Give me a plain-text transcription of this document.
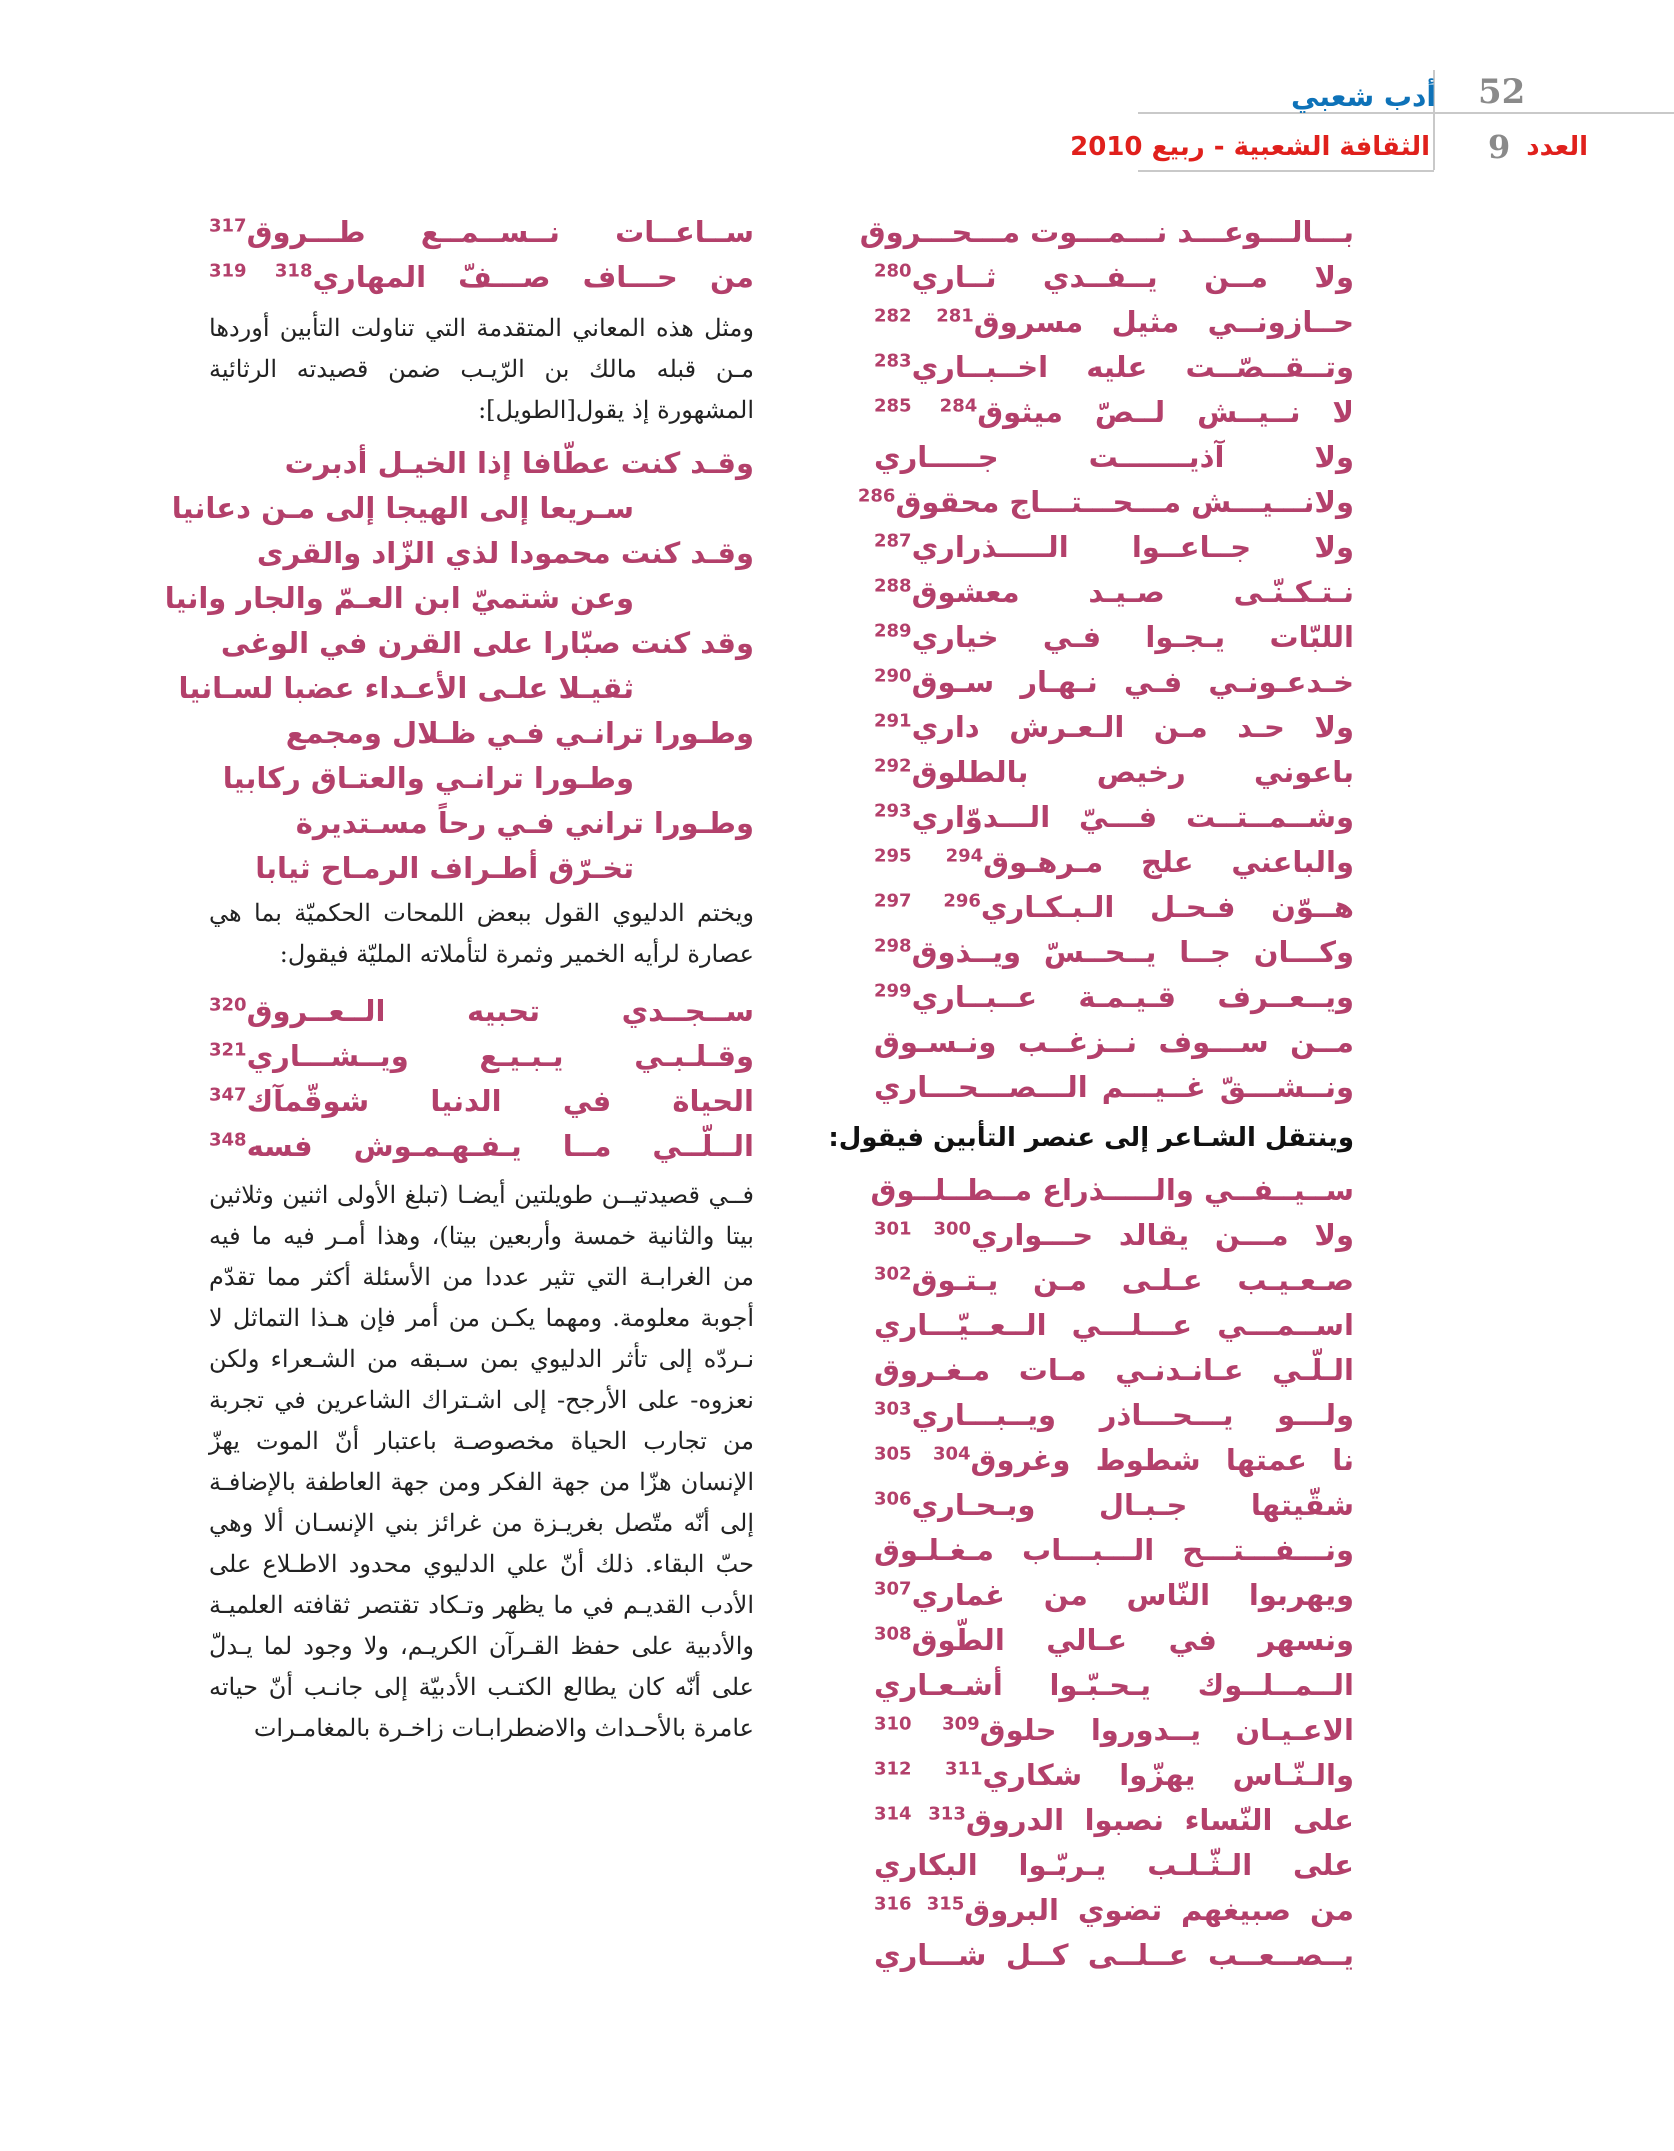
52
9
أدب شعبي
العدد
الثقافة الشعبية - ربيع 2010
بـــالـــوعـــد نـــمـــوت مـــحـــروق
ولا مــن يــفــدي ثــاري$^{280}$
حــازونــي مثيل مسروق$^{281 282}$
وتــقــصّــت عليه اخــبــاري$^{283}$
لا نــيــش لــصّ ميثوق$^{284 285}$
ولا آذيـــــــت جـــــاري
ولانـــيـــش مـــحـــتـــاج محقوق$^{286}$
ولا جــاعــوا الـــــذراري$^{287}$
نـتـكـنّـى صـيـد معشوق$^{288}$
اللبّات يـجـوا فـي خياري$^{289}$
خـدعـونـي فـي نـهـار سـوق$^{290}$
ولا حـد مـن الـعـرش داري$^{291}$
باعوني رخيص بالطلوق$^{292}$
وشــمــتــت فـــيّ الـــدوّاري$^{293}$
والباعني علج مـرهـوق$^{294 295}$
هــوّن فـحـل الـبـكـاري$^{296 297}$
وكـــان جــا يــحــسّ ويــذوق$^{298}$
ويــعــرف قـيـمـة عــبــاري$^{299}$
مــن ســـوف نــزغــب ونـسـوق
ونــشـــقّ غــيـــم الـــصـــحـــاري
وينتقل الشـاعر إلى عنصر التأبين فيقول:
ســيــفــي والـــــذراع مــطــلــوق
ولا مـــن يقالد حـــواري$^{300 301}$
صـعـيـب عـلـى مـن يـتـوق$^{302}$
اســمـــي عـــلـــي الــعــيّـــاري
الـلّـي عـانـدنـي مـات مـغـروق
ولـــو يـــحـــاذر ويــبـــاري$^{303}$
نا عمتها شطوط وغروق$^{304 305}$
شقّيتها جـبـال وبـحـاري$^{306}$
ونـــفـــتـــح الـــبـــاب مـغـلـوق
ويهربوا النّاس من غماري$^{307}$
ونسهر في عـالي الطّوق$^{308}$
الــمــلــوك يـحـبّـوا أشـعـاري
الاعـيـان يــدوروا حلوق$^{309 310}$
والـنّـاس يهزّوا شكاري$^{311 312}$
على النّساء نصبوا الدروق$^{313 314}$
على الـثّـلـب يـربّـوا البكاري
من صبيغهم تضوي البروق$^{315 316}$
يــصــعــب عــلــى كــل شـــاري
ســاعــات نــســمــع طـــروق$^{317}$
من حـــاف صـــفّ المهاري$^{318 319}$

ومثل هذه المعاني المتقدمة التي تناولت التأبين أوردها مـن قبله مالك بن الرّيـب ضمن قصيدته الرثائية المشهورة إذ يقول[الطويل]:

وقـد كنت عطّافا إذا الخيـل أدبرت
سـريعا إلى الهيجا إلى مـن دعانيا
وقـد كنت محمودا لذي الزّاد والقرى
وعن شتميّ ابن العـمّ والجار وانيا
وقد كنت صبّارا على القرن في الوغى
ثقيـلا علـى الأعـداء عضبا لسـانيا
وطـورا ترانـي فـي ظـلال ومجمع
وطـورا ترانـي والعتـاق ركابيا
وطـورا تراني فـي رحاً مسـتديرة
تخـرّق أطـراف الرمـاح ثيابا

ويختم الدليوي القول ببعض اللمحات الحكميّة بما هي عصارة لرأيه الخمير وثمرة لتأملاته المليّة فيقول:

ســجــدي تحبيه الــعــروق$^{320}$
وقـلـبـي يـبـيـع ويــشـــاري$^{321}$
الحياة في الدنيا شوقّمآك$^{347}$
الــلّــي مــا يـفـهـمـوش فسه$^{348}$

فــي قصيدتيــن طويلتين أيضـا (تبلغ الأولى اثنين وثلاثين بيتا والثانية خمسة وأربعين بيتا)، وهذا أمـر فيه ما فيه من الغرابـة التي تثير عددا من الأسئلة أكثر مما تقدّم أجوبة معلومة. ومهما يكـن من أمر فإن هـذا التماثل لا نـردّه إلى تأثر الدليوي بمن سـبقه من الشـعراء ولكن نعزوه- على الأرجح- إلى اشـتراك الشاعرين في تجربة من تجارب الحياة مخصوصـة باعتبار أنّ الموت يهزّ الإنسان هزّا من جهة الفكر ومن جهة العاطفة بالإضافـة إلى أنّه متّصل بغريـزة من غرائز بني الإنسـان ألا وهي حبّ البقاء. ذلك أنّ علي الدليوي محدود الاطـلاع على الأدب القديـم في ما يظهر وتـكاد تقتصر ثقافته العلميـة والأدبية على حفظ القـرآن الكريـم، ولا وجود لما يـدلّ على أنّه كان يطالع الكتـب الأدبيّة إلى جانـب أنّ حياته عامرة بالأحـداث والاضطرابـات زاخـرة بالمغامـرات
